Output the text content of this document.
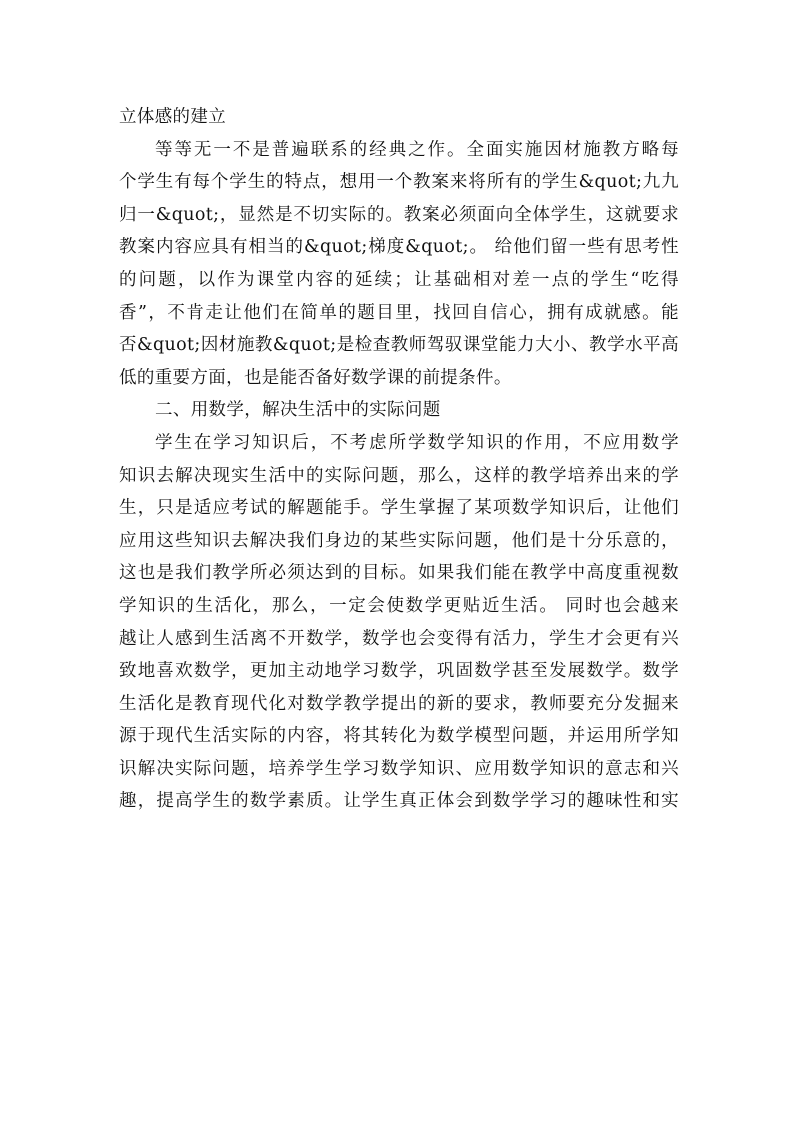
立体感的建立
等等无一不是普遍联系的经典之作。全面实施因材施教方略每
个学生有每个学生的特点，想用一个教案来将所有的学生&quot;九九
归一&quot;，显然是不切实际的。教案必须面向全体学生，这就要求
教案内容应具有相当的&quot;梯度&quot;。 给他们留一些有思考性
的问题，以作为课堂内容的延续；让基础相对差一点的学生“吃得
香”，不肯走让他们在简单的题目里，找回自信心，拥有成就感。能
否&quot;因材施教&quot;是检查教师驾驭课堂能力大小、教学水平高
低的重要方面，也是能否备好数学课的前提条件。
二、用数学，解决生活中的实际问题
学生在学习知识后，不考虑所学数学知识的作用，不应用数学
知识去解决现实生活中的实际问题，那么，这样的教学培养出来的学
生，只是适应考试的解题能手。学生掌握了某项数学知识后，让他们
应用这些知识去解决我们身边的某些实际问题，他们是十分乐意的，
这也是我们教学所必须达到的目标。如果我们能在教学中高度重视数
学知识的生活化，那么，一定会使数学更贴近生活。 同时也会越来
越让人感到生活离不开数学，数学也会变得有活力，学生才会更有兴
致地喜欢数学，更加主动地学习数学，巩固数学甚至发展数学。数学
生活化是教育现代化对数学教学提出的新的要求，教师要充分发掘来
源于现代生活实际的内容，将其转化为数学模型问题，并运用所学知
识解决实际问题，培养学生学习数学知识、应用数学知识的意志和兴
趣，提高学生的数学素质。让学生真正体会到数学学习的趣味性和实
